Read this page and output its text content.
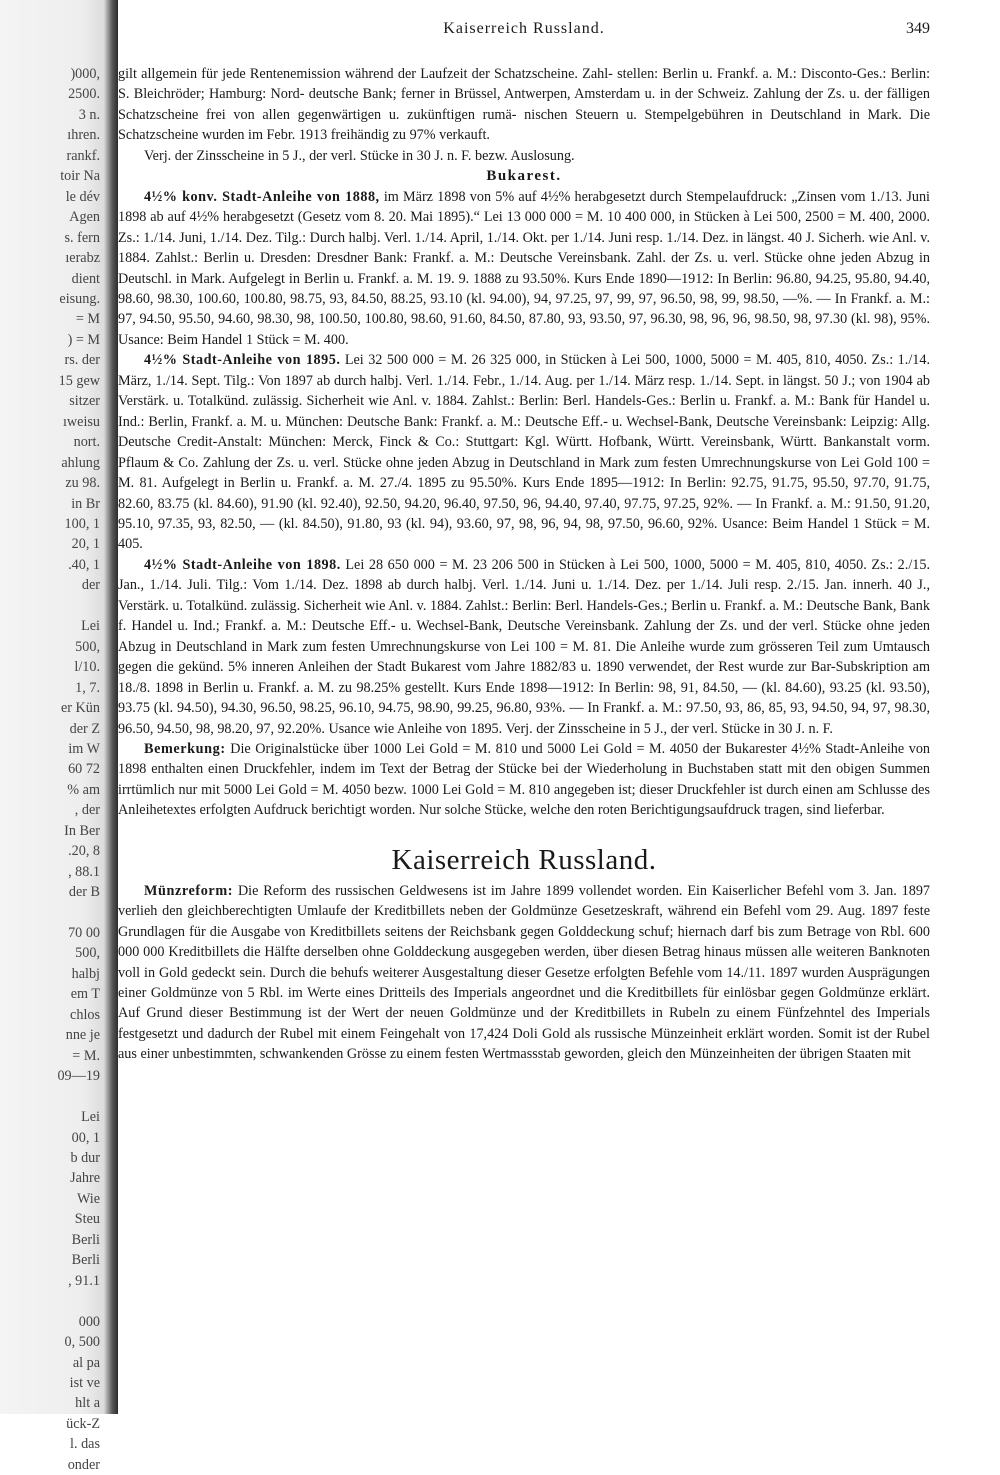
)000,
2500.
3 n.
ıhren.
rankf.
toir Na
le dév
Agen
s. fern
ıerabz
dient
eisung.
= M
) = M
rs. der
15 gew
sitzer
ıweisu
nort.
ahlung
zu 98.
in Br
100, 1
20, 1
.40, 1
der

Lei
500,
l/10.
1, 7.
er Kün
der Z
im W
60 72
% am
, der
In Ber
.20, 8
, 88.1
der B

70 00
500,
halbj
em T
chlos
nne je
= M.
09—19

Lei
00, 1
b dur
Jahre
Wie
Steu
Berli
Berli
, 91.1

000
0, 500
al pa
ist ve
hlt a
ück-Z
l. das
onder
Kaiserreich Russland.	349

gilt allgemein für jede Rentenemission während der Laufzeit der Schatzscheine. Zahl- stellen: Berlin u. Frankf. a. M.: Disconto-Ges.: Berlin: S. Bleichröder; Hamburg: Nord- deutsche Bank; ferner in Brüssel, Antwerpen, Amsterdam u. in der Schweiz. Zahlung der Zs. u. der fälligen Schatzscheine frei von allen gegenwärtigen u. zukünftigen rumä- nischen Steuern u. Stempelgebühren in Deutschland in Mark. Die Schatzscheine wurden im Febr. 1913 freihändig zu 97% verkauft.

Verj. der Zinsscheine in 5 J., der verl. Stücke in 30 J. n. F. bezw. Auslosung.

Bukarest.

4½% konv. Stadt-Anleihe von 1888, im März 1898 von 5% auf 4½% herabgesetzt durch Stempelaufdruck: „Zinsen vom 1./13. Juni 1898 ab auf 4½% herabgesetzt (Gesetz vom 8. 20. Mai 1895).“ Lei 13 000 000 = M. 10 400 000, in Stücken à Lei 500, 2500 = M. 400, 2000. Zs.: 1./14. Juni, 1./14. Dez. Tilg.: Durch halbj. Verl. 1./14. April, 1./14. Okt. per 1./14. Juni resp. 1./14. Dez. in längst. 40 J. Sicherh. wie Anl. v. 1884. Zahlst.: Berlin u. Dresden: Dresdner Bank: Frankf. a. M.: Deutsche Vereinsbank. Zahl. der Zs. u. verl. Stücke ohne jeden Abzug in Deutschl. in Mark. Aufgelegt in Berlin u. Frankf. a. M. 19. 9. 1888 zu 93.50%. Kurs Ende 1890—1912: In Berlin: 96.80, 94.25, 95.80, 94.40, 98.60, 98.30, 100.60, 100.80, 98.75, 93, 84.50, 88.25, 93.10 (kl. 94.00), 94, 97.25, 97, 99, 97, 96.50, 98, 99, 98.50, —%. — In Frankf. a. M.: 97, 94.50, 95.50, 94.60, 98.30, 98, 100.50, 100.80, 98.60, 91.60, 84.50, 87.80, 93, 93.50, 97, 96.30, 98, 96, 96, 98.50, 98, 97.30 (kl. 98), 95%. Usance: Beim Handel 1 Stück = M. 400.

4½% Stadt-Anleihe von 1895. Lei 32 500 000 = M. 26 325 000, in Stücken à Lei 500, 1000, 5000 = M. 405, 810, 4050. Zs.: 1./14. März, 1./14. Sept. Tilg.: Von 1897 ab durch halbj. Verl. 1./14. Febr., 1./14. Aug. per 1./14. März resp. 1./14. Sept. in längst. 50 J.; von 1904 ab Verstärk. u. Totalkünd. zulässig. Sicherheit wie Anl. v. 1884. Zahlst.: Berlin: Berl. Handels-Ges.: Berlin u. Frankf. a. M.: Bank für Handel u. Ind.: Berlin, Frankf. a. M. u. München: Deutsche Bank: Frankf. a. M.: Deutsche Eff.- u. Wechsel-Bank, Deutsche Vereinsbank: Leipzig: Allg. Deutsche Credit-Anstalt: München: Merck, Finck & Co.: Stuttgart: Kgl. Württ. Hofbank, Württ. Vereinsbank, Württ. Bankanstalt vorm. Pflaum & Co. Zahlung der Zs. u. verl. Stücke ohne jeden Abzug in Deutschland in Mark zum festen Umrechnungskurse von Lei Gold 100 = M. 81. Aufgelegt in Berlin u. Frankf. a. M. 27./4. 1895 zu 95.50%. Kurs Ende 1895—1912: In Berlin: 92.75, 91.75, 95.50, 97.70, 91.75, 82.60, 83.75 (kl. 84.60), 91.90 (kl. 92.40), 92.50, 94.20, 96.40, 97.50, 96, 94.40, 97.40, 97.75, 97.25, 92%. — In Frankf. a. M.: 91.50, 91.20, 95.10, 97.35, 93, 82.50, — (kl. 84.50), 91.80, 93 (kl. 94), 93.60, 97, 98, 96, 94, 98, 97.50, 96.60, 92%. Usance: Beim Handel 1 Stück = M. 405.

4½% Stadt-Anleihe von 1898. Lei 28 650 000 = M. 23 206 500 in Stücken à Lei 500, 1000, 5000 = M. 405, 810, 4050. Zs.: 2./15. Jan., 1./14. Juli. Tilg.: Vom 1./14. Dez. 1898 ab durch halbj. Verl. 1./14. Juni u. 1./14. Dez. per 1./14. Juli resp. 2./15. Jan. innerh. 40 J., Verstärk. u. Totalkünd. zulässig. Sicherheit wie Anl. v. 1884. Zahlst.: Berlin: Berl. Handels-Ges.; Berlin u. Frankf. a. M.: Deutsche Bank, Bank f. Handel u. Ind.; Frankf. a. M.: Deutsche Eff.- u. Wechsel-Bank, Deutsche Vereinsbank. Zahlung der Zs. und der verl. Stücke ohne jeden Abzug in Deutschland in Mark zum festen Umrechnungskurse von Lei 100 = M. 81. Die Anleihe wurde zum grösseren Teil zum Umtausch gegen die gekünd. 5% inneren Anleihen der Stadt Bukarest vom Jahre 1882/83 u. 1890 verwendet, der Rest wurde zur Bar-Subskription am 18./8. 1898 in Berlin u. Frankf. a. M. zu 98.25% gestellt. Kurs Ende 1898—1912: In Berlin: 98, 91, 84.50, — (kl. 84.60), 93.25 (kl. 93.50), 93.75 (kl. 94.50), 94.30, 96.50, 98.25, 96.10, 94.75, 98.90, 99.25, 96.80, 93%. — In Frankf. a. M.: 97.50, 93, 86, 85, 93, 94.50, 94, 97, 98.30, 96.50, 94.50, 98, 98.20, 97, 92.20%. Usance wie Anleihe von 1895. Verj. der Zinsscheine in 5 J., der verl. Stücke in 30 J. n. F.

Bemerkung: Die Originalstücke über 1000 Lei Gold = M. 810 und 5000 Lei Gold = M. 4050 der Bukarester 4½% Stadt-Anleihe von 1898 enthalten einen Druckfehler, indem im Text der Betrag der Stücke bei der Wiederholung in Buchstaben statt mit den obigen Summen irrtümlich nur mit 5000 Lei Gold = M. 4050 bezw. 1000 Lei Gold = M. 810 angegeben ist; dieser Druckfehler ist durch einen am Schlusse des Anleihetextes erfolgten Aufdruck berichtigt worden. Nur solche Stücke, welche den roten Berichtigungsaufdruck tragen, sind lieferbar.

Kaiserreich Russland.

Münzreform: Die Reform des russischen Geldwesens ist im Jahre 1899 vollendet worden. Ein Kaiserlicher Befehl vom 3. Jan. 1897 verlieh den gleichberechtigten Umlaufe der Kreditbillets neben der Goldmünze Gesetzeskraft, während ein Befehl vom 29. Aug. 1897 feste Grundlagen für die Ausgabe von Kreditbillets seitens der Reichsbank gegen Golddeckung schuf; hiernach darf bis zum Betrage von Rbl. 600 000 000 Kreditbillets die Hälfte derselben ohne Golddeckung ausgegeben werden, über diesen Betrag hinaus müssen alle weiteren Banknoten voll in Gold gedeckt sein. Durch die behufs weiterer Ausgestaltung dieser Gesetze erfolgten Befehle vom 14./11. 1897 wurden Ausprägungen einer Goldmünze von 5 Rbl. im Werte eines Dritteils des Imperials angeordnet und die Kreditbillets für einlösbar gegen Goldmünze erklärt. Auf Grund dieser Bestimmung ist der Wert der neuen Goldmünze und der Kreditbillets in Rubeln zu einem Fünfzehntel des Imperials festgesetzt und dadurch der Rubel mit einem Feingehalt von 17,424 Doli Gold als russische Münzeinheit erklärt worden. Somit ist der Rubel aus einer unbestimmten, schwankenden Grösse zu einem festen Wertmassstab geworden, gleich den Münzeinheiten der übrigen Staaten mit
